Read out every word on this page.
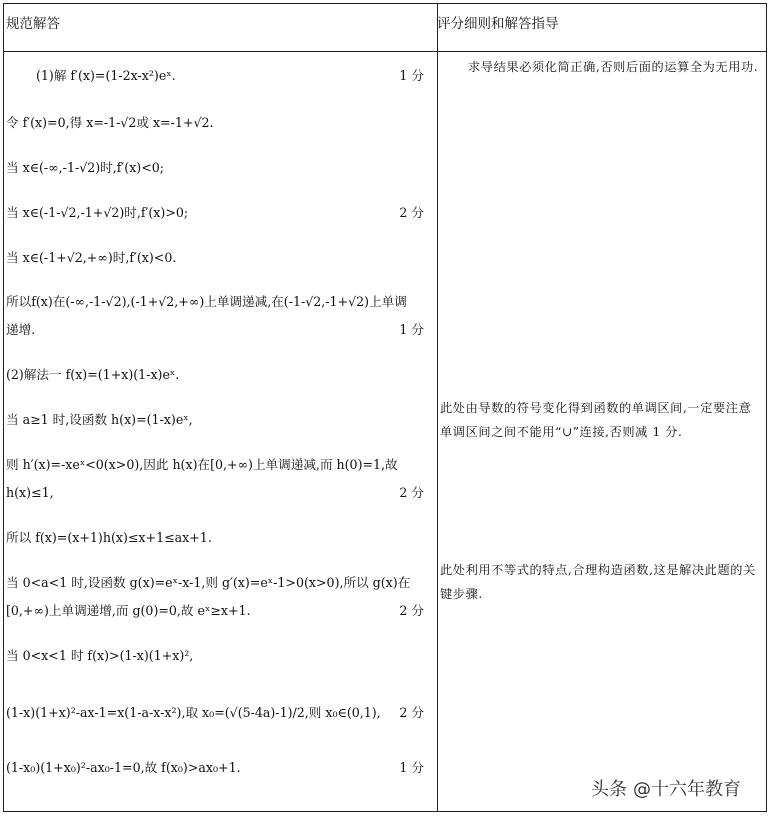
规范解答	评分细则和解答指导
(1)解 f′(x)=(1-2x-x²)eˣ.	1 分
令 f′(x)=0,得 x=-1-√2或 x=-1+√2.
当 x∈(-∞,-1-√2)时,f′(x)<0;
当 x∈(-1-√2,-1+√2)时,f′(x)>0;	2 分
当 x∈(-1+√2,+∞)时,f′(x)<0.
所以f(x)在(-∞,-1-√2),(-1+√2,+∞)上单调递减,在(-1-√2,-1+√2)上单调
递增.	1 分
(2)解法一 f(x)=(1+x)(1-x)eˣ.
当 a≥1 时,设函数 h(x)=(1-x)eˣ,
则 h′(x)=-xeˣ<0(x>0),因此 h(x)在[0,+∞)上单调递减,而 h(0)=1,故
h(x)≤1,	2 分
所以 f(x)=(x+1)h(x)≤x+1≤ax+1.
当 0<a<1 时,设函数 g(x)=eˣ-x-1,则 g′(x)=eˣ-1>0(x>0),所以 g(x)在
[0,+∞)上单调递增,而 g(0)=0,故 eˣ≥x+1.	2 分
当 0<x<1 时 f(x)>(1-x)(1+x)²,
(1-x)(1+x)²-ax-1=x(1-a-x-x²),取 x₀=(√(5-4a)-1)/2,则 x₀∈(0,1), 2 分
(1-x₀)(1+x₀)²-ax₀-1=0,故 f(x₀)>ax₀+1.	1 分
求导结果必须化简正确,否则后面的运算全为无用功.
此处由导数的符号变化得到函数的单调区间,一定要注意单调区间之间不能用“∪”连接,否则减 1 分.
此处利用不等式的特点,合理构造函数,这是解决此题的关键步骤.
头条 @十六年教育
